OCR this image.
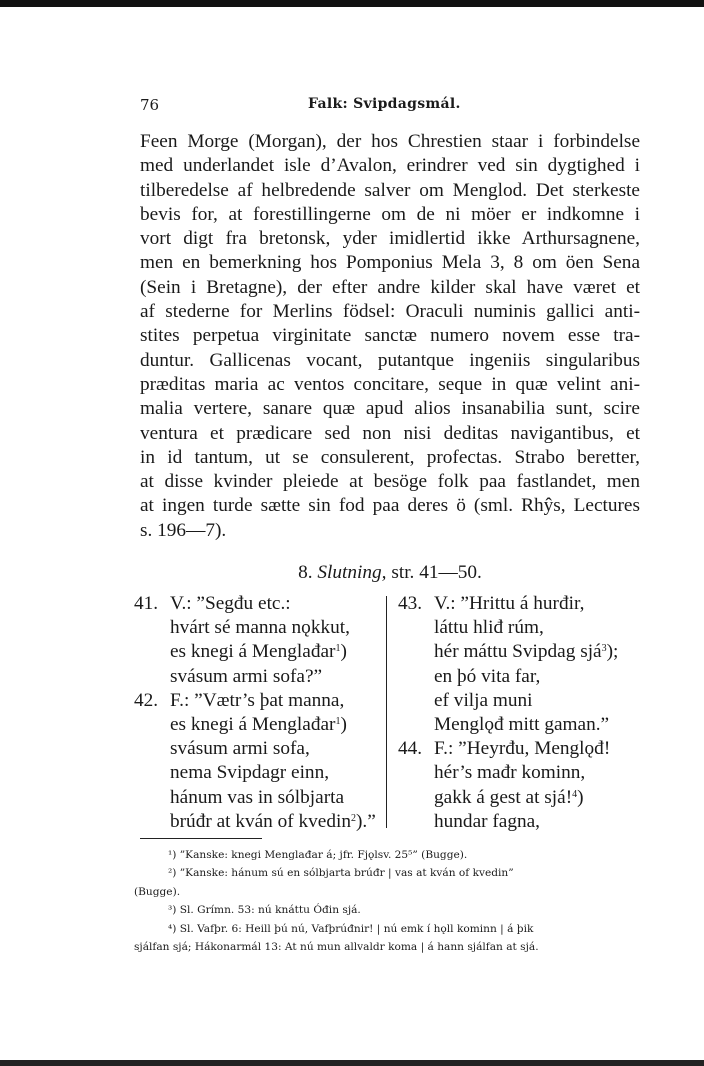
76	Falk: Svipdagsmál.
Feen Morge (Morgan), der hos Chrestien staar i forbindelse
med underlandet isle d’Avalon, erindrer ved sin dygtighed i
tilberedelse af helbredende salver om Menglod. Det sterkeste
bevis for, at forestillingerne om de ni möer er indkomne i
vort digt fra bretonsk, yder imidlertid ikke Arthursagnene,
men en bemerkning hos Pomponius Mela 3, 8 om öen Sena
(Sein i Bretagne), der efter andre kilder skal have været et
af stederne for Merlins födsel: Oraculi numinis gallici anti-
stites perpetua virginitate sanctæ numero novem esse tra-
duntur. Gallicenas vocant, putantque ingeniis singularibus
præditas maria ac ventos concitare, seque in quæ velint ani-
malia vertere, sanare quæ apud alios insanabilia sunt, scire
ventura et prædicare sed non nisi deditas navigantibus, et
in id tantum, ut se consulerent, profectas. Strabo beretter,
at disse kvinder pleiede at besöge folk paa fastlandet, men
at ingen turde sætte sin fod paa deres ö (sml. Rhŷs, Lectures
s. 196—7).
8. Slutning, str. 41—50.
41. V.: ”Segđu etc.:
hvárt sé manna nǫkkut,
es knegi á Menglađar$^1$)
svásum armi sofa?”
42. F.: ”Vætr’s þat manna,
es knegi á Menglađar$^1$)
svásum armi sofa,
nema Svipdagr einn,
hánum vas in sólbjarta
brúđr at kván of kvedin$^2$).”
43. V.: ”Hrittu á hurđir,
láttu hliđ rúm,
hér máttu Svipdag sjá$^3$);
en þó vita far,
ef vilja muni
Menglǫđ mitt gaman.”
44. F.: ”Heyrđu, Menglǫđ!
hér’s mađr kominn,
gakk á gest at sjá!$^4$)
hundar fagna,
¹) ”Kanske: knegi Menglađar á; jfr. Fjǫlsv. 25⁵” (Bugge).
²) ”Kanske: hánum sú en sólbjarta brúđr | vas at kván of kvedin”
(Bugge).
³) Sl. Grímn. 53: nú knáttu Óđin sjá.
⁴) Sl. Vafþr. 6: Heill þú nú, Vafþrúđnir! | nú emk í hǫll kominn | á þik
sjálfan sjá; Hákonarmál 13: At nú mun allvaldr koma | á hann sjálfan at sjá.
